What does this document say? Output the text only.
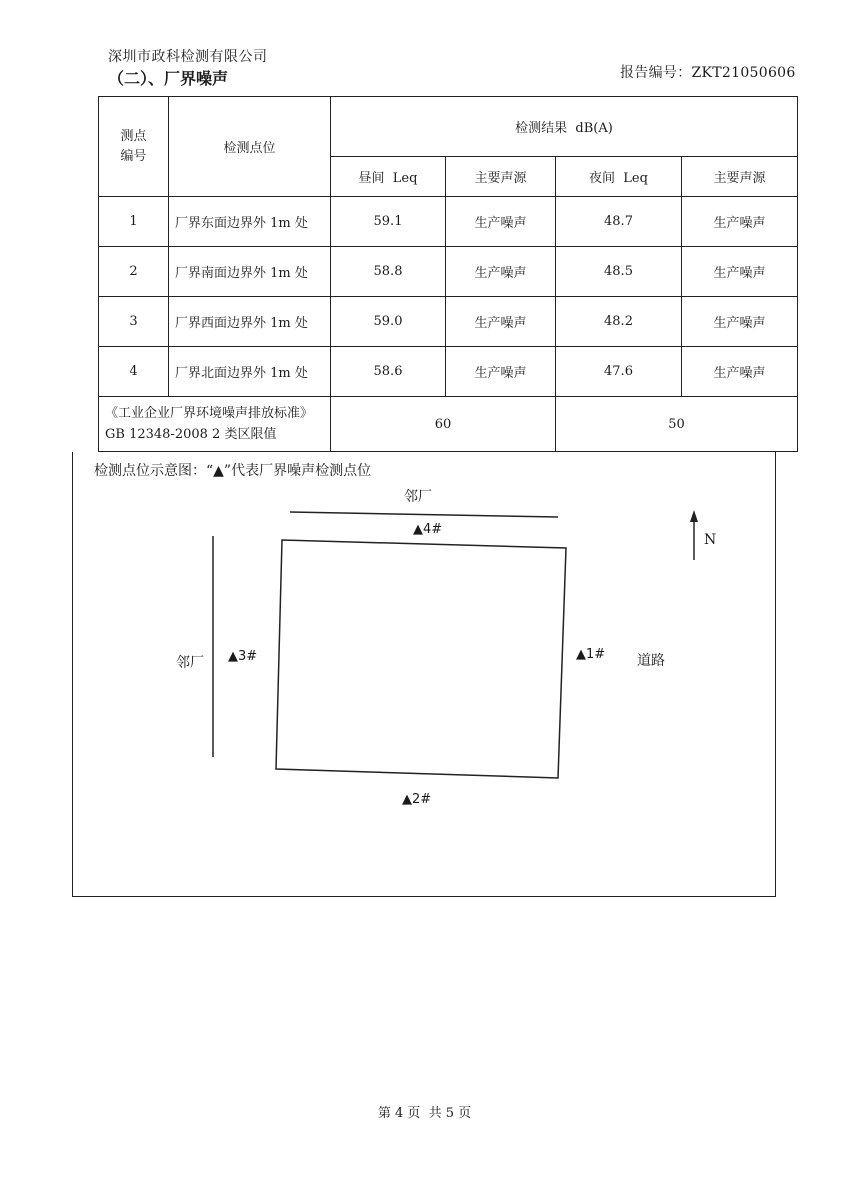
深圳市政科检测有限公司
（二）、厂界噪声	报告编号：ZKT21050606
测点
编号	检测点位	检测结果  dB(A)			
		昼间  Leq	主要声源	夜间  Leq	主要声源
1	厂界东面边界外 1m 处	59.1	生产噪声	48.7	生产噪声
2	厂界南面边界外 1m 处	58.8	生产噪声	48.5	生产噪声
3	厂界西面边界外 1m 处	59.0	生产噪声	48.2	生产噪声
4	厂界北面边界外 1m 处	58.6	生产噪声	47.6	生产噪声
《工业企业厂界环境噪声排放标准》GB 12348-2008 2 类区限值		60		50	
检测点位示意图：“▲”代表厂界噪声检测点位
邻厂
▲4#
N
邻厂 ▲3#	▲1# 道路
▲2#
第 4 页  共 5 页
